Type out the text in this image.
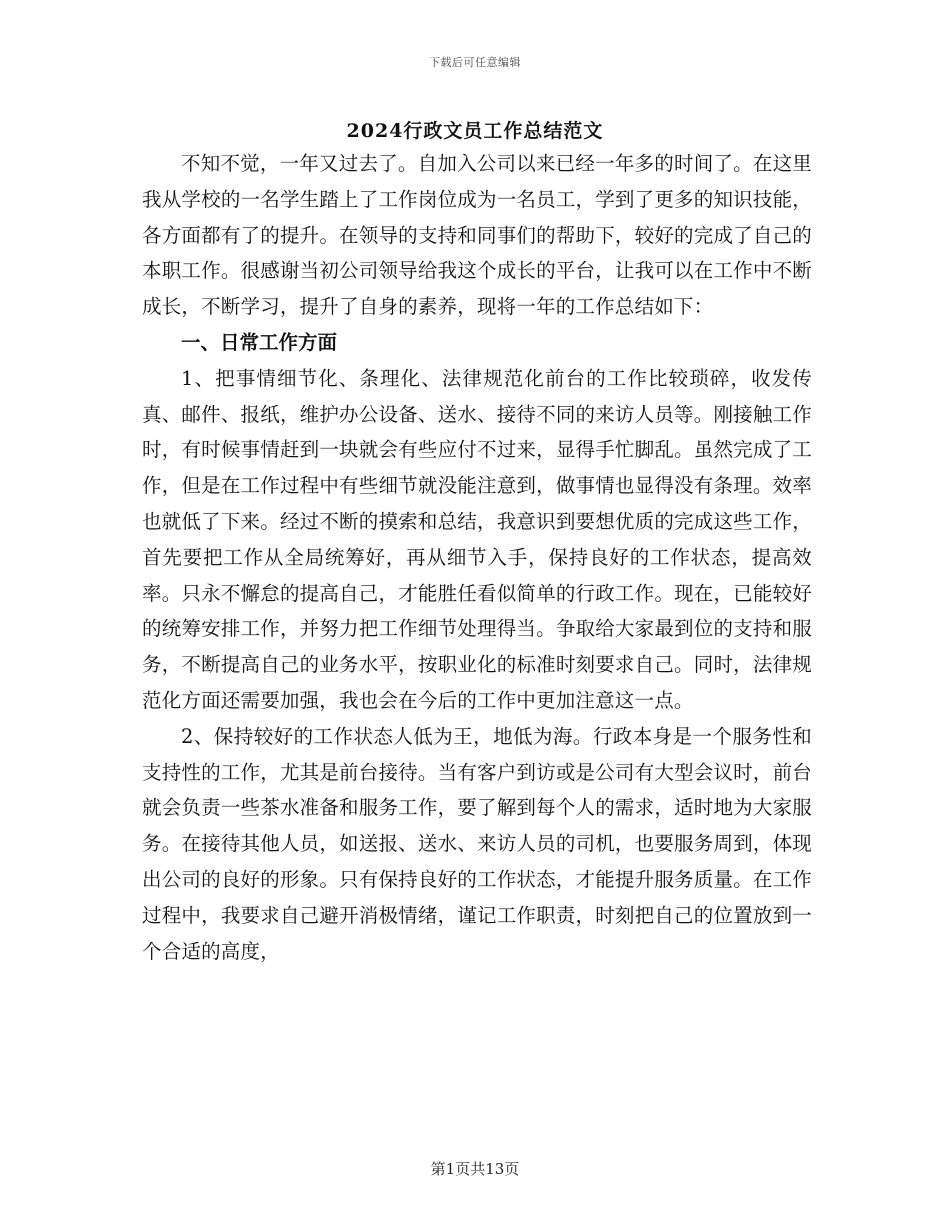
下载后可任意编辑
2024行政文员工作总结范文

不知不觉，一年又过去了。自加入公司以来已经一年多的时间了。在这里我从学校的一名学生踏上了工作岗位成为一名员工，学到了更多的知识技能，各方面都有了的提升。在领导的支持和同事们的帮助下，较好的完成了自己的本职工作。很感谢当初公司领导给我这个成长的平台，让我可以在工作中不断成长，不断学习，提升了自身的素养，现将一年的工作总结如下：

一、日常工作方面

1、把事情细节化、条理化、法律规范化前台的工作比较琐碎，收发传真、邮件、报纸，维护办公设备、送水、接待不同的来访人员等。刚接触工作时，有时候事情赶到一块就会有些应付不过来，显得手忙脚乱。虽然完成了工作，但是在工作过程中有些细节就没能注意到，做事情也显得没有条理。效率也就低了下来。经过不断的摸索和总结，我意识到要想优质的完成这些工作，首先要把工作从全局统筹好，再从细节入手，保持良好的工作状态，提高效率。只永不懈怠的提高自己，才能胜任看似简单的行政工作。现在，已能较好的统筹安排工作，并努力把工作细节处理得当。争取给大家最到位的支持和服务，不断提高自己的业务水平，按职业化的标准时刻要求自己。同时，法律规范化方面还需要加强，我也会在今后的工作中更加注意这一点。

2、保持较好的工作状态人低为王，地低为海。行政本身是一个服务性和支持性的工作，尤其是前台接待。当有客户到访或是公司有大型会议时，前台就会负责一些茶水准备和服务工作，要了解到每个人的需求，适时地为大家服务。在接待其他人员，如送报、送水、来访人员的司机，也要服务周到，体现出公司的良好的形象。只有保持良好的工作状态，才能提升服务质量。在工作过程中，我要求自己避开消极情绪，谨记工作职责，时刻把自己的位置放到一个合适的高度，

第1页共13页
